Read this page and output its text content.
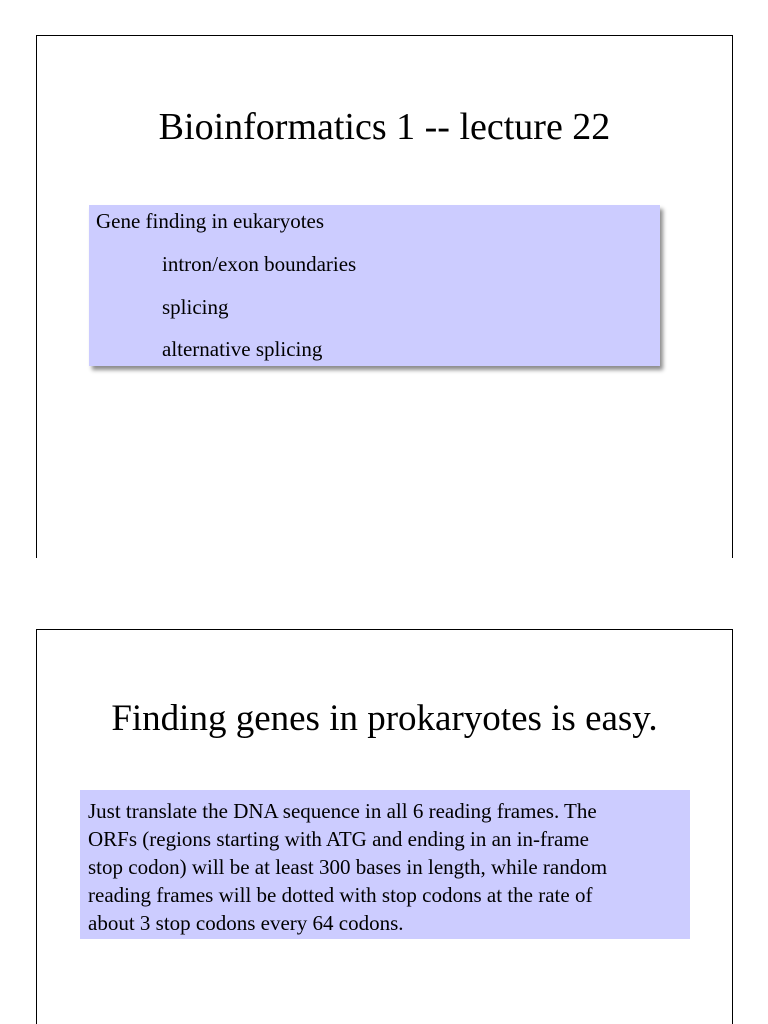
Bioinformatics 1 -- lecture 22
Gene finding in eukaryotes
intron/exon boundaries
splicing
alternative splicing
Finding genes in prokaryotes is easy.
Just translate the DNA sequence in all 6 reading frames. The
ORFs (regions starting with ATG and ending in an in-frame
stop codon) will be at least 300 bases in length, while random
reading frames will be dotted with stop codons at the rate of
about 3 stop codons every 64 codons.
